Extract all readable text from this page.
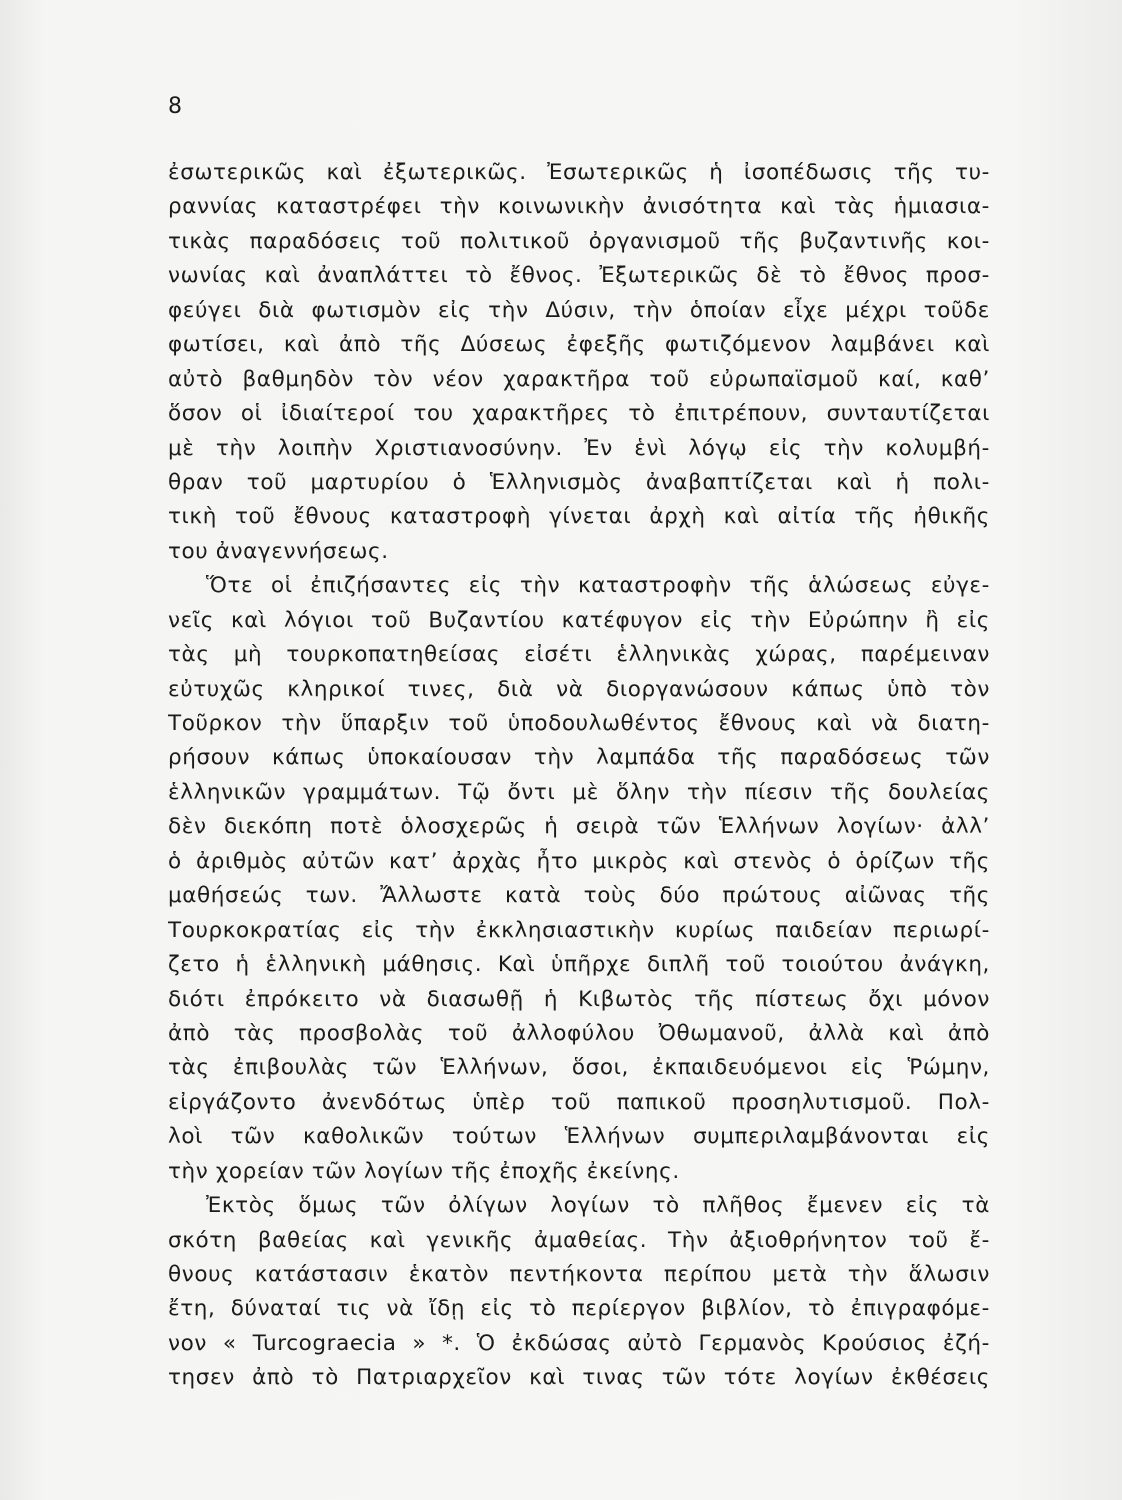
8
ἐσωτερικῶς καὶ ἐξωτερικῶς. Ἐσωτερικῶς ἡ ἰσοπέδωσις τῆς τυ-
ραννίας καταστρέφει τὴν κοινωνικὴν ἀνισότητα καὶ τὰς ἡμιασια-
τικὰς παραδόσεις τοῦ πολιτικοῦ ὀργανισμοῦ τῆς βυζαντινῆς κοι-
νωνίας καὶ ἀναπλάττει τὸ ἔθνος. Ἐξωτερικῶς δὲ τὸ ἔθνος προσ-
φεύγει διὰ φωτισμὸν εἰς τὴν Δύσιν, τὴν ὁποίαν εἶχε μέχρι τοῦδε
φωτίσει, καὶ ἀπὸ τῆς Δύσεως ἐφεξῆς φωτιζόμενον λαμβάνει καὶ
αὐτὸ βαθμηδὸν τὸν νέον χαρακτῆρα τοῦ εὐρωπαϊσμοῦ καί, καθ’
ὅσον οἱ ἰδιαίτεροί του χαρακτῆρες τὸ ἐπιτρέπουν, συνταυτίζεται
μὲ τὴν λοιπὴν Χριστιανοσύνην. Ἐν ἑνὶ λόγῳ εἰς τὴν κολυμβή-
θραν τοῦ μαρτυρίου ὁ Ἑλληνισμὸς ἀναβαπτίζεται καὶ ἡ πολι-
τικὴ τοῦ ἔθνους καταστροφὴ γίνεται ἀρχὴ καὶ αἰτία τῆς ἠθικῆς
του ἀναγεννήσεως.
Ὅτε οἱ ἐπιζήσαντες εἰς τὴν καταστροφὴν τῆς ἁλώσεως εὐγε-
νεῖς καὶ λόγιοι τοῦ Βυζαντίου κατέφυγον εἰς τὴν Εὐρώπην ἢ εἰς
τὰς μὴ τουρκοπατηθείσας εἰσέτι ἑλληνικὰς χώρας, παρέμειναν
εὐτυχῶς κληρικοί τινες, διὰ νὰ διοργανώσουν κάπως ὑπὸ τὸν
Τοῦρκον τὴν ὕπαρξιν τοῦ ὑποδουλωθέντος ἔθνους καὶ νὰ διατη-
ρήσουν κάπως ὑποκαίουσαν τὴν λαμπάδα τῆς παραδόσεως τῶν
ἑλληνικῶν γραμμάτων. Τῷ ὄντι μὲ ὅλην τὴν πίεσιν τῆς δουλείας
δὲν διεκόπη ποτὲ ὁλοσχερῶς ἡ σειρὰ τῶν Ἑλλήνων λογίων· ἀλλ’
ὁ ἀριθμὸς αὐτῶν κατ’ ἀρχὰς ἦτο μικρὸς καὶ στενὸς ὁ ὁρίζων τῆς
μαθήσεώς των. Ἄλλωστε κατὰ τοὺς δύο πρώτους αἰῶνας τῆς
Τουρκοκρατίας εἰς τὴν ἐκκλησιαστικὴν κυρίως παιδείαν περιωρί-
ζετο ἡ ἑλληνικὴ μάθησις. Καὶ ὑπῆρχε διπλῆ τοῦ τοιούτου ἀνάγκη,
διότι ἐπρόκειτο νὰ διασωθῇ ἡ Κιβωτὸς τῆς πίστεως ὄχι μόνον
ἀπὸ τὰς προσβολὰς τοῦ ἀλλοφύλου Ὀθωμανοῦ, ἀλλὰ καὶ ἀπὸ
τὰς ἐπιβουλὰς τῶν Ἑλλήνων, ὅσοι, ἐκπαιδευόμενοι εἰς Ῥώμην,
εἰργάζοντο ἀνενδότως ὑπὲρ τοῦ παπικοῦ προσηλυτισμοῦ. Πολ-
λοὶ τῶν καθολικῶν τούτων Ἑλλήνων συμπεριλαμβάνονται εἰς
τὴν χορείαν τῶν λογίων τῆς ἐποχῆς ἐκείνης.
Ἐκτὸς ὅμως τῶν ὀλίγων λογίων τὸ πλῆθος ἔμενεν εἰς τὰ
σκότη βαθείας καὶ γενικῆς ἀμαθείας. Τὴν ἀξιοθρήνητον τοῦ ἔ-
θνους κατάστασιν ἑκατὸν πεντήκοντα περίπου μετὰ τὴν ἅλωσιν
ἔτη, δύναταί τις νὰ ἴδῃ εἰς τὸ περίεργον βιβλίον, τὸ ἐπιγραφόμε-
νον « Turcograecia » *. Ὁ ἐκδώσας αὐτὸ Γερμανὸς Κρούσιος ἐζή-
τησεν ἀπὸ τὸ Πατριαρχεῖον καὶ τινας τῶν τότε λογίων ἐκθέσεις
